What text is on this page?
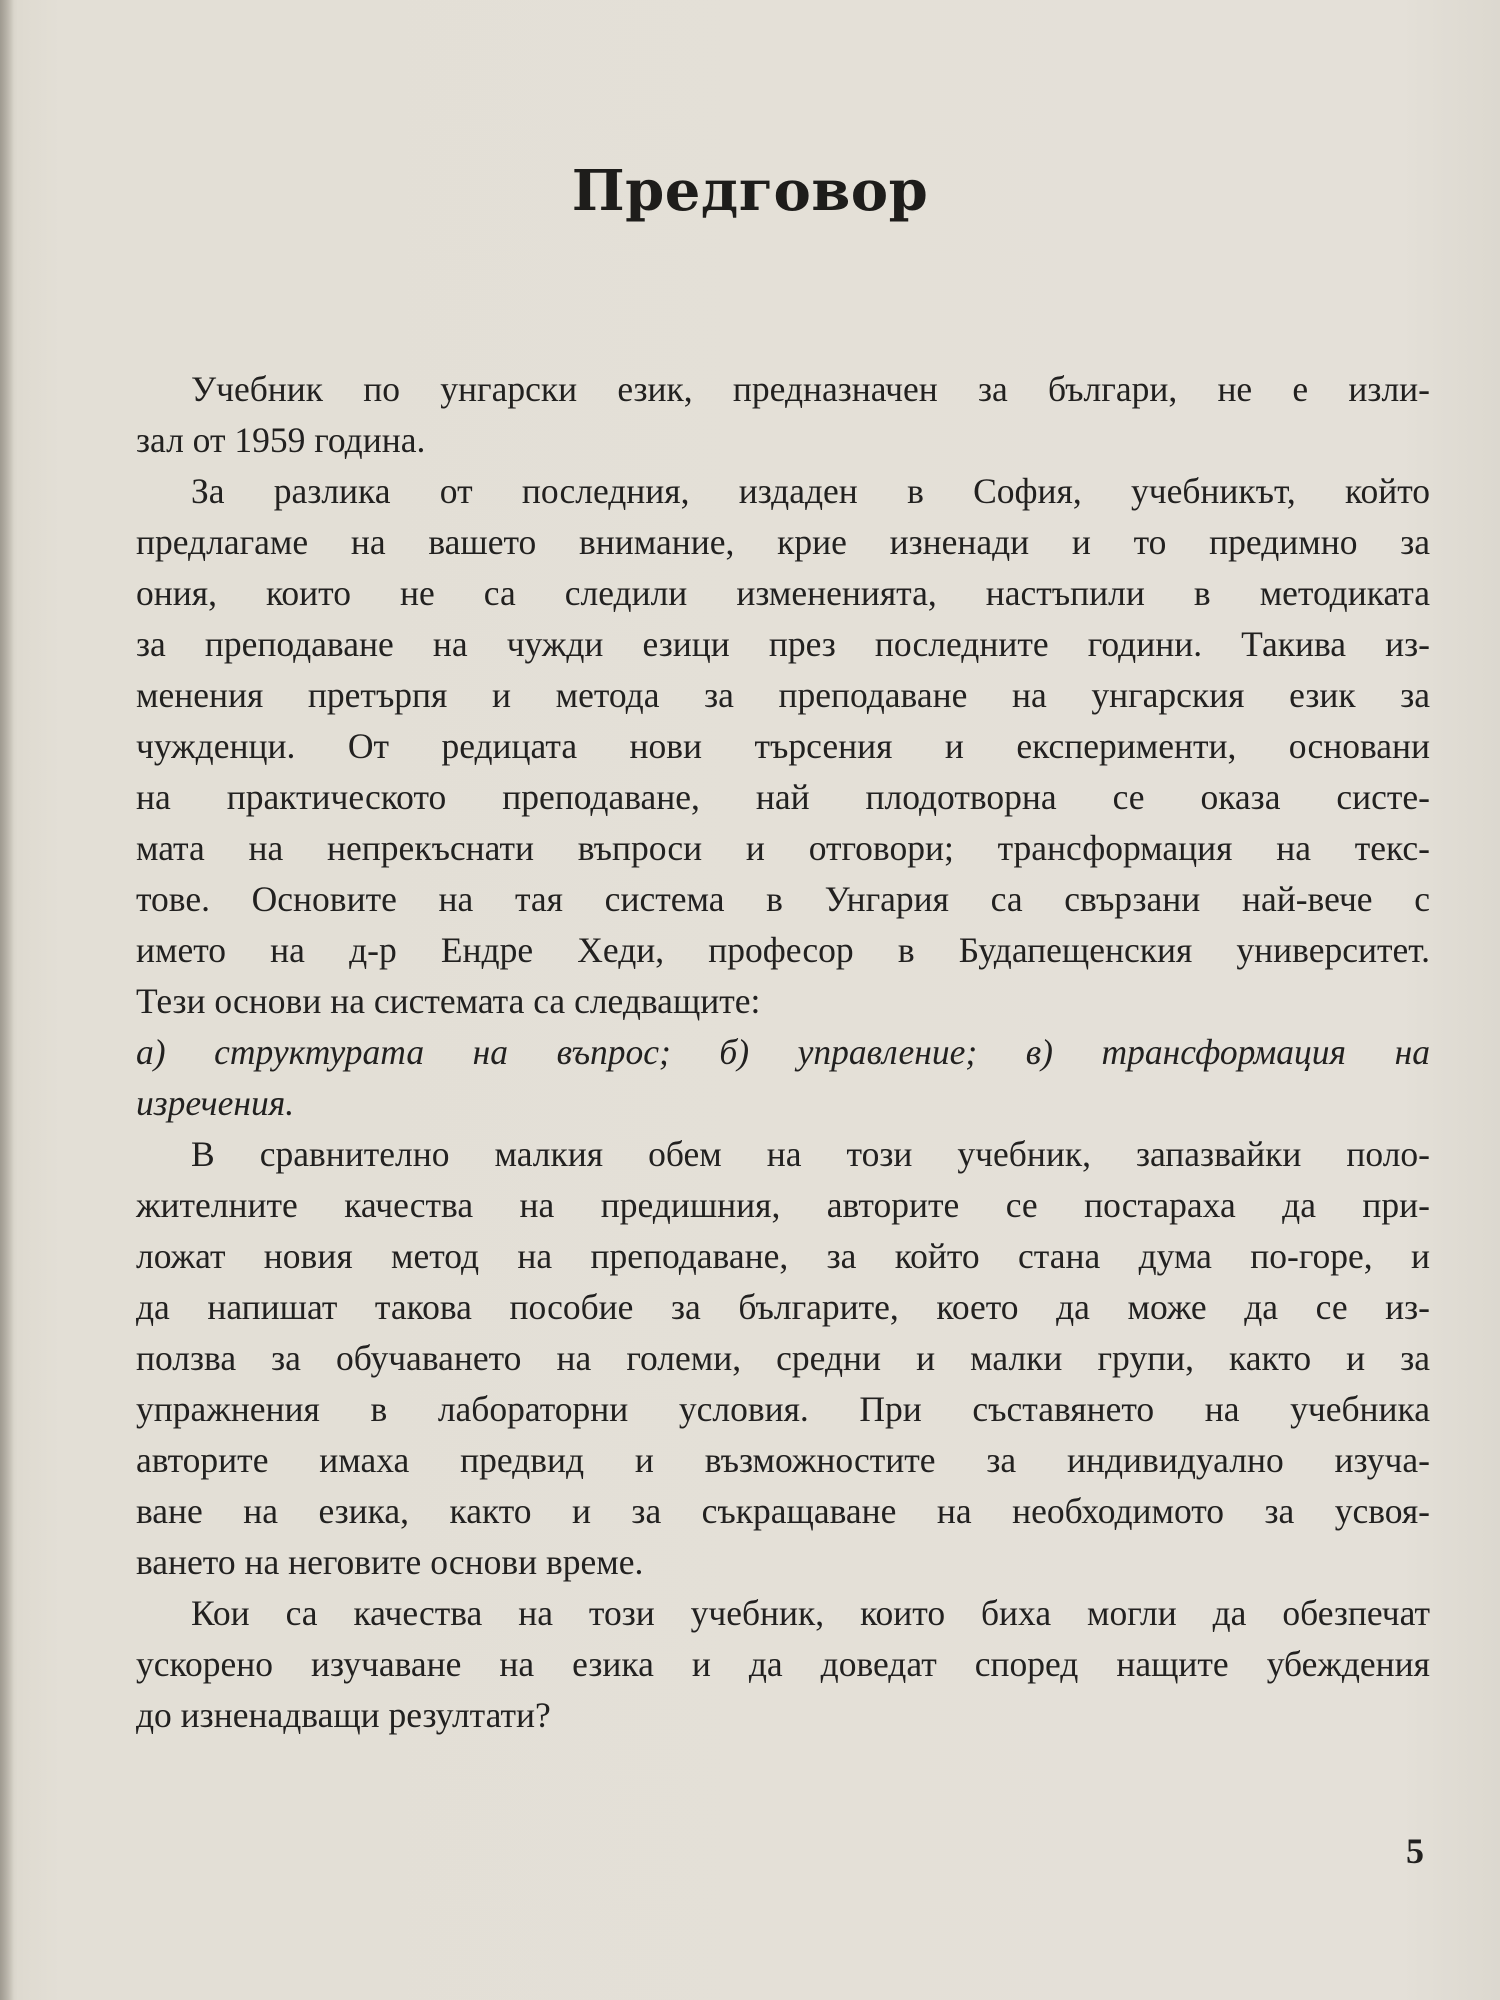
Предговор
Учебник по унгарски език, предназначен за българи, не е изли-
зал от 1959 година.
За разлика от последния, издаден в София, учебникът, който
предлагаме на вашето внимание, крие изненади и то предимно за
ония, които не са следили измененията, настъпили в методиката
за преподаване на чужди езици през последните години. Такива из-
менения претърпя и метода за преподаване на унгарския език за
чужденци. От редицата нови търсения и експерименти, основани
на практическото преподаване, най плодотворна се оказа систе-
мата на непрекъснати въпроси и отговори; трансформация на текс-
тове. Основите на тая система в Унгария са свързани най-вече с
името на д-р Ендре Хеди, професор в Будапещенския университет.
Тези основи на системата са следващите:
а) структурата на въпрос; б) управление; в) трансформация на
изречения.
В сравнително малкия обем на този учебник, запазвайки поло-
жителните качества на предишния, авторите се постараха да при-
ложат новия метод на преподаване, за който стана дума по-горе, и
да напишат такова пособие за българите, което да може да се из-
ползва за обучаването на големи, средни и малки групи, както и за
упражнения в лабораторни условия. При съставянето на учебника
авторите имаха предвид и възможностите за индивидуално изуча-
ване на езика, както и за съкращаване на необходимото за усвоя-
ването на неговите основи време.
Кои са качества на този учебник, които биха могли да обезпечат
ускорено изучаване на езика и да доведат според нащите убеждения
до изненадващи резултати?
5
